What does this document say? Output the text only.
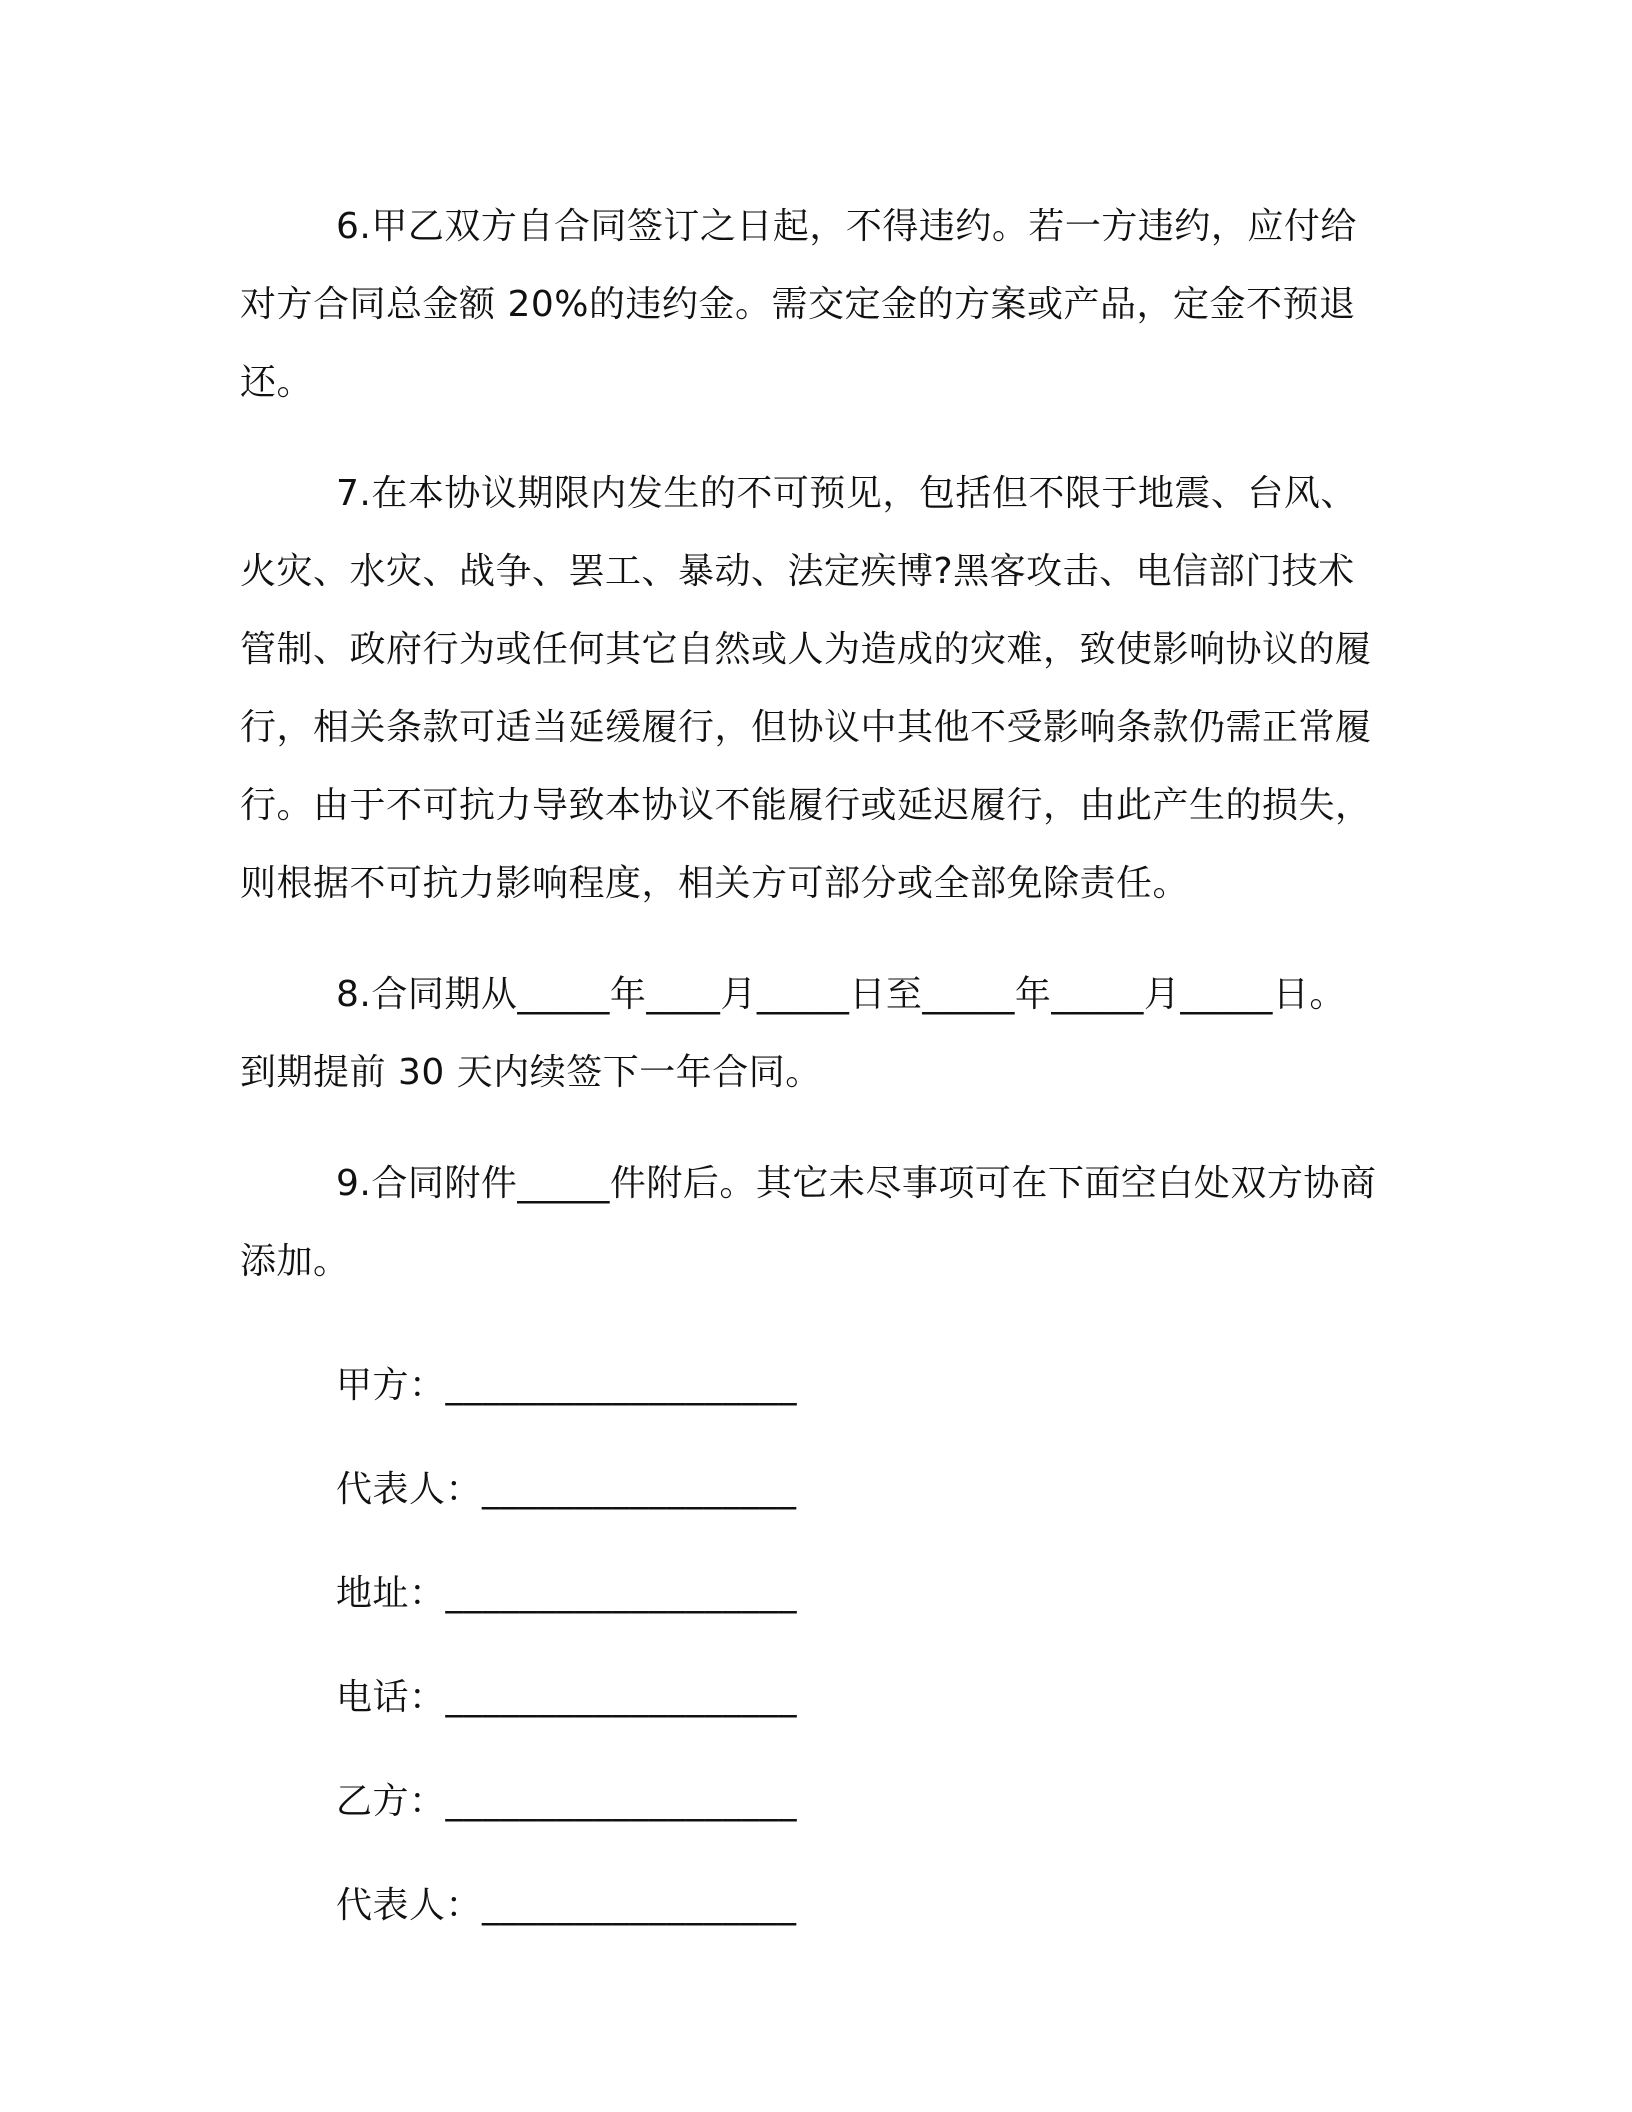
6.甲乙双方自合同签订之日起，不得违约。若一方违约，应付给对方合同总金额 20%的违约金。需交定金的方案或产品，定金不预退还。

7.在本协议期限内发生的不可预见，包括但不限于地震、台风、火灾、水灾、战争、罢工、暴动、法定疾博?黑客攻击、电信部门技术管制、政府行为或任何其它自然或人为造成的灾难，致使影响协议的履行，相关条款可适当延缓履行，但协议中其他不受影响条款仍需正常履行。由于不可抗力导致本协议不能履行或延迟履行，由此产生的损失，则根据不可抗力影响程度，相关方可部分或全部免除责任。

8.合同期从_____年____月_____日至_____年_____月_____日。到期提前 30 天内续签下一年合同。

9.合同附件_____件附后。其它未尽事项可在下面空白处双方协商添加。

甲方：___________________
代表人：_________________
地址：___________________
电话：___________________
乙方：___________________
代表人：_________________
